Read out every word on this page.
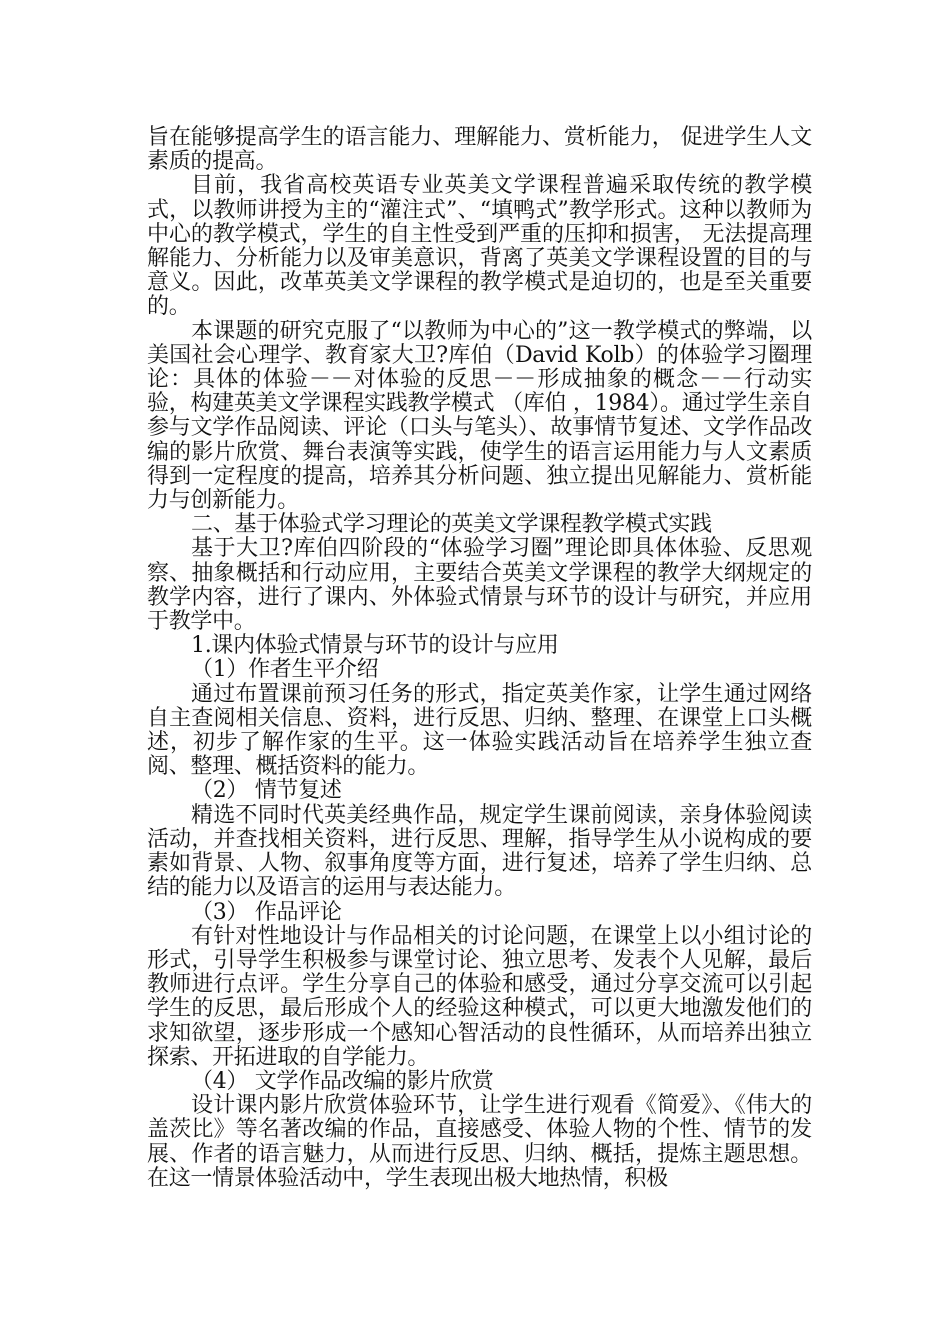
旨在能够提高学生的语言能力、理解能力、赏析能力， 促进学生人文素质的提高。

目前，我省高校英语专业英美文学课程普遍采取传统的教学模式，以教师讲授为主的“灌注式”、“填鸭式”教学形式。这种以教师为中心的教学模式，学生的自主性受到严重的压抑和损害， 无法提高理解能力、分析能力以及审美意识，背离了英美文学课程设置的目的与意义。因此，改革英美文学课程的教学模式是迫切的，也是至关重要的。

本课题的研究克服了“以教师为中心的”这一教学模式的弊端，以美国社会心理学、教育家大卫?库伯（David Kolb）的体验学习圈理论：具体的体验－－对体验的反思－－形成抽象的概念－－行动实验，构建英美文学课程实践教学模式 （库伯 ，1984）。通过学生亲自参与文学作品阅读、评论（口头与笔头）、故事情节复述、文学作品改编的影片欣赏、舞台表演等实践，使学生的语言运用能力与人文素质得到一定程度的提高，培养其分析问题、独立提出见解能力、赏析能力与创新能力。

二、基于体验式学习理论的英美文学课程教学模式实践

基于大卫?库伯四阶段的“体验学习圈”理论即具体体验、反思观察、抽象概括和行动应用，主要结合英美文学课程的教学大纲规定的教学内容，进行了课内、外体验式情景与环节的设计与研究，并应用于教学中。

1.课内体验式情景与环节的设计与应用

（1）作者生平介绍

通过布置课前预习任务的形式，指定英美作家，让学生通过网络自主查阅相关信息、资料，进行反思、归纳、整理、在课堂上口头概述，初步了解作家的生平。这一体验实践活动旨在培养学生独立查阅、整理、概括资料的能力。

（2） 情节复述

精选不同时代英美经典作品，规定学生课前阅读，亲身体验阅读活动，并查找相关资料，进行反思、理解，指导学生从小说构成的要素如背景、人物、叙事角度等方面，进行复述，培养了学生归纳、总结的能力以及语言的运用与表达能力。

（3） 作品评论

有针对性地设计与作品相关的讨论问题，在课堂上以小组讨论的形式，引导学生积极参与课堂讨论、独立思考、发表个人见解，最后教师进行点评。学生分享自己的体验和感受，通过分享交流可以引起学生的反思，最后形成个人的经验这种模式，可以更大地激发他们的求知欲望，逐步形成一个感知心智活动的良性循环，从而培养出独立探索、开拓进取的自学能力。

（4） 文学作品改编的影片欣赏

设计课内影片欣赏体验环节，让学生进行观看《简爱》、《伟大的盖茨比》等名著改编的作品，直接感受、体验人物的个性、情节的发展、作者的语言魅力，从而进行反思、归纳、概括，提炼主题思想。在这一情景体验活动中，学生表现出极大地热情，积极
